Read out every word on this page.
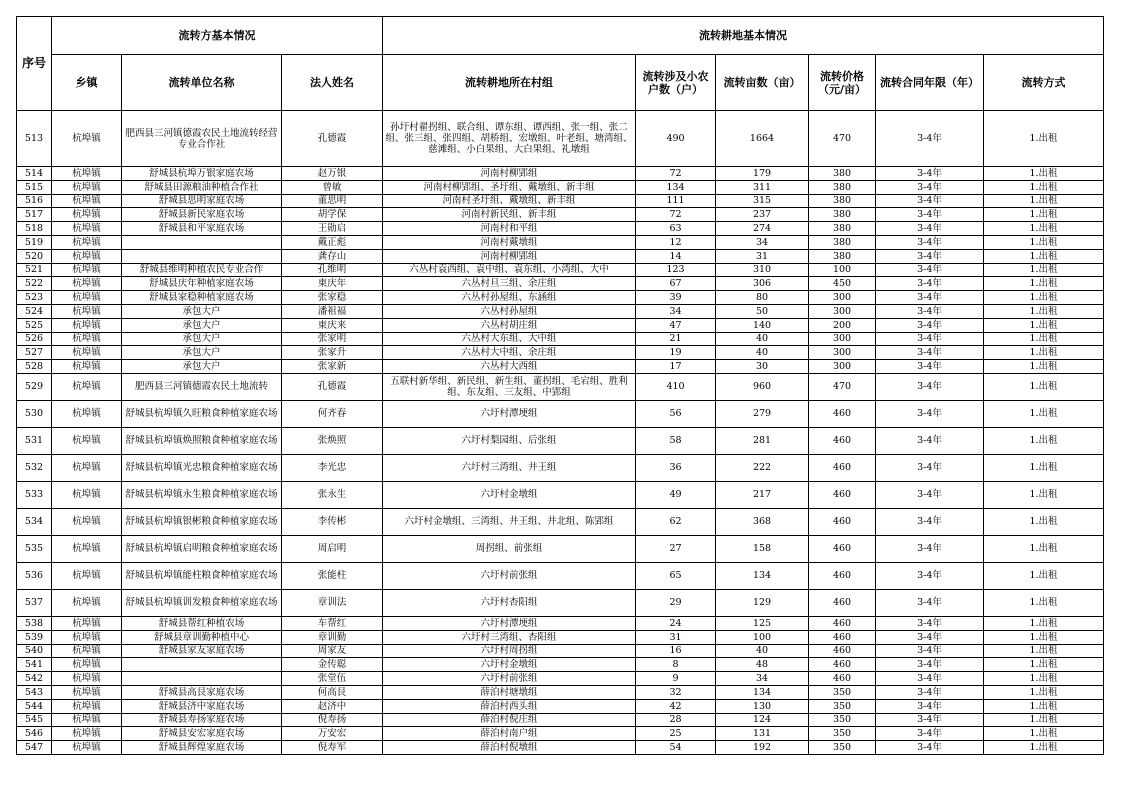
序号	流转方基本情况			流转耕地基本情况					
	乡镇	流转单位名称	法人姓名	流转耕地所在村组	流转涉及小农户数（户）	流转亩数（亩）	流转价格（元/亩）	流转合同年限（年）	流转方式
513	杭埠镇	肥西县三河镇德霞农民土地流转经营专业合作社	孔德霞	孙圩村翟拐组、联合组、谭东组、谭西组、张一组、张二组、张三组、张四组、胡桥组、宏墩组、叶老组、塘湾组、慈滩组、小白果组、大白果组、礼墩组	490	1664	470	3-4年	1.出租
514	杭埠镇	舒城县杭埠万银家庭农场	赵万银	河南村柳郢组	72	179	380	3-4年	1.出租
515	杭埠镇	舒城县田源粮油种植合作社	曾敏	河南村柳郢组、圣圩组、戴墩组、新丰组	134	311	380	3-4年	1.出租
516	杭埠镇	舒城县思明家庭农场	董思明	河南村圣圩组、戴墩组、新丰组	111	315	380	3-4年	1.出租
517	杭埠镇	舒城县新民家庭农场	胡学保	河南村新民组、新丰组	72	237	380	3-4年	1.出租
518	杭埠镇	舒城县和平家庭农场	王勋启	河南村和平组	63	274	380	3-4年	1.出租
519	杭埠镇		戴正彪	河南村戴墩组	12	34	380	3-4年	1.出租
520	杭埠镇		龚存山	河南村柳郢组	14	31	380	3-4年	1.出租
521	杭埠镇	舒城县维明种植农民专业合作	孔维明	六丛村袁西组、袁中组、袁东组、小湾组、大中	123	310	100	3-4年	1.出租
522	杭埠镇	舒城县庆年种植家庭农场	東庆年	六丛村旦三组、余庄组	67	306	450	3-4年	1.出租
523	杭埠镇	舒城县家稳种植家庭农场	张家稳	六丛村孙屋组、东涵组	39	80	300	3-4年	1.出租
524	杭埠镇	承包大户	潘祖福	六丛村孙屋组	34	50	300	3-4年	1.出租
525	杭埠镇	承包大户	東庆来	六丛村胡庄组	47	140	200	3-4年	1.出租
526	杭埠镇	承包大户	张家明	六丛村大东组、大中组	21	40	300	3-4年	1.出租
527	杭埠镇	承包大户	张家升	六丛村大中组、余庄组	19	40	300	3-4年	1.出租
528	杭埠镇	承包大户	张家新	六丛村大西组	17	30	300	3-4年	1.出租
529	杭埠镇	肥西县三河镇德霞农民土地流转	孔德霞	五联村新华组、新民组、新生组、董拐组、毛宕组、胜利组、东友组、三友组、中郢组	410	960	470	3-4年	1.出租
530	杭埠镇	舒城县杭埠镇久旺粮食种植家庭农场	何齐春	六圩村潭埂组	56	279	460	3-4年	1.出租
531	杭埠镇	舒城县杭埠镇焕照粮食种植家庭农场	张焕照	六圩村梨园组、后张组	58	281	460	3-4年	1.出租
532	杭埠镇	舒城县杭埠镇光忠粮食种植家庭农场	李光忠	六圩村三湾组、井王组	36	222	460	3-4年	1.出租
533	杭埠镇	舒城县杭埠镇永生粮食种植家庭农场	张永生	六圩村金墩组	49	217	460	3-4年	1.出租
534	杭埠镇	舒城县杭埠镇银彬粮食种植家庭农场	李传彬	六圩村金墩组、三湾组、井王组、井北组、陈郢组	62	368	460	3-4年	1.出租
535	杭埠镇	舒城县杭埠镇启明粮食种植家庭农场	周启明	周拐组、前张组	27	158	460	3-4年	1.出租
536	杭埠镇	舒城县杭埠镇能柱粮食种植家庭农场	张能柱	六圩村前张组	65	134	460	3-4年	1.出租
537	杭埠镇	舒城县杭埠镇训发粮食种植家庭农场	章训法	六圩村杏阳组	29	129	460	3-4年	1.出租
538	杭埠镇	舒城县帮红种植农场	车帮红	六圩村潭埂组	24	125	460	3-4年	1.出租
539	杭埠镇	舒城县章训勤种植中心	章训勤	六圩村三湾组、杏阳组	31	100	460	3-4年	1.出租
540	杭埠镇	舒城县家友家庭农场	周家友	六圩村周拐组	16	40	460	3-4年	1.出租
541	杭埠镇		金传聪	六圩村金墩组	8	48	460	3-4年	1.出租
542	杭埠镇		张堂伍	六圩村前张组	9	34	460	3-4年	1.出租
543	杭埠镇	舒城县高艮家庭农场	何高艮	薛泊村塘墩组	32	134	350	3-4年	1.出租
544	杭埠镇	舒城县济中家庭农场	赵济中	薛泊村西头组	42	130	350	3-4年	1.出租
545	杭埠镇	舒城县寿扬家庭农场	倪寿扬	薛泊村倪庄组	28	124	350	3-4年	1.出租
546	杭埠镇	舒城县安宏家庭农场	万安宏	薛泊村南户组	25	131	350	3-4年	1.出租
547	杭埠镇	舒城县辉煌家庭农场	倪寿军	薛泊村倪墩组	54	192	350	3-4年	1.出租
